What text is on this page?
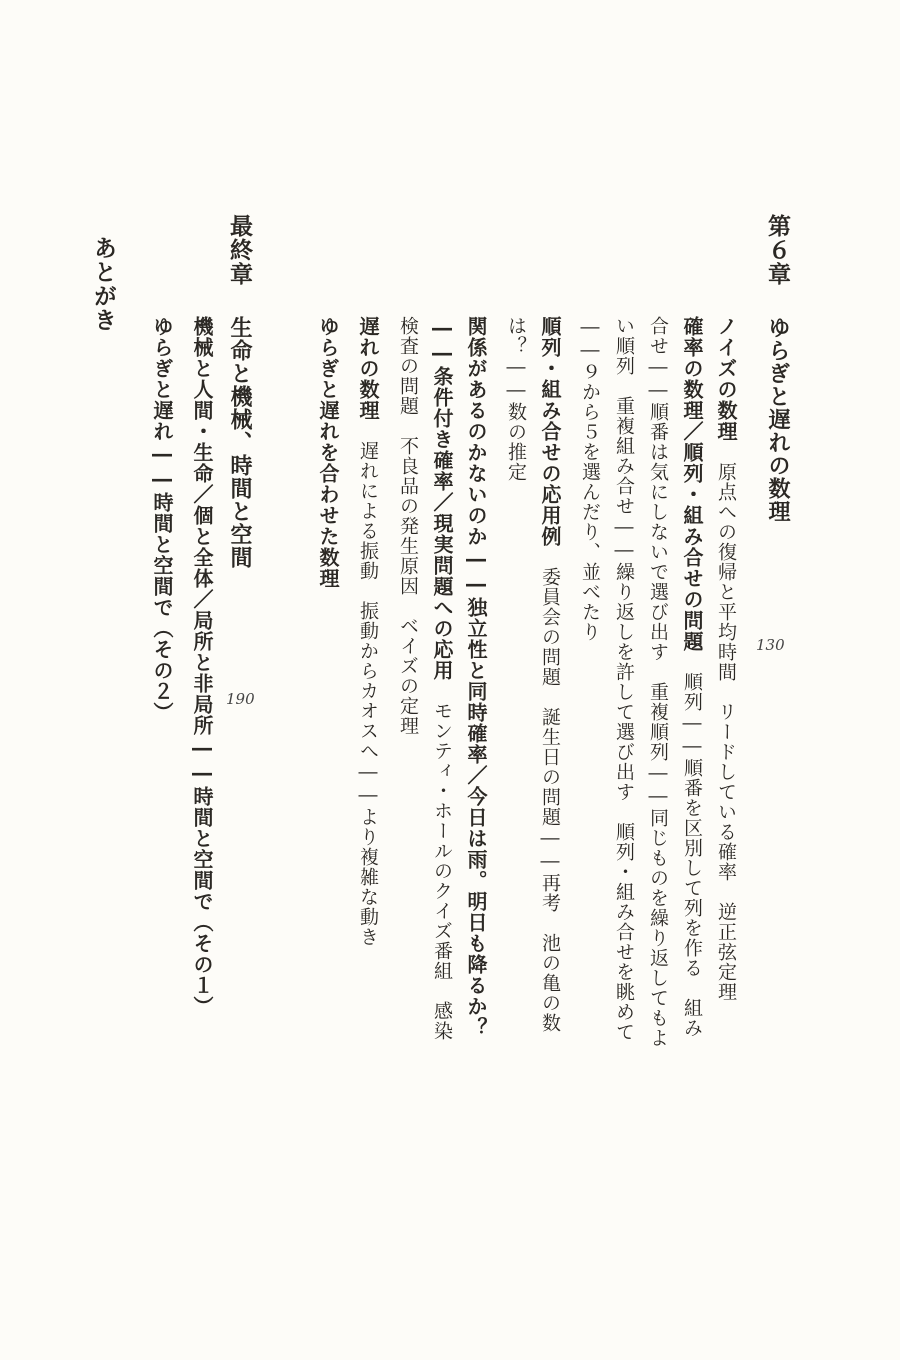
第６章
ゆらぎと遅れの数理
130
ノイズの数理　原点への復帰と平均時間　リードしている確率　逆正弦定理
確率の数理／順列・組み合せの問題　順列――順番を区別して列を作る　組み
合せ――順番は気にしないで選び出す　重複順列――同じものを繰り返してもよ
い順列　重複組み合せ――繰り返しを許して選び出す　順列・組み合せを眺めて
――９から５を選んだり、並べたり
順列・組み合せの応用例　委員会の問題　誕生日の問題――再考　池の亀の数
は？――数の推定
関係があるのかないのか――独立性と同時確率／今日は雨。明日も降るか？
――条件付き確率／現実問題への応用　モンティ・ホールのクイズ番組　感染
検査の問題　不良品の発生原因　ベイズの定理
遅れの数理　遅れによる振動　振動からカオスへ――より複雑な動き
ゆらぎと遅れを合わせた数理
最終章
生命と機械、時間と空間
190
機械と人間・生命／個と全体／局所と非局所――時間と空間で（その１）
ゆらぎと遅れ――時間と空間で（その２）
あとがき
